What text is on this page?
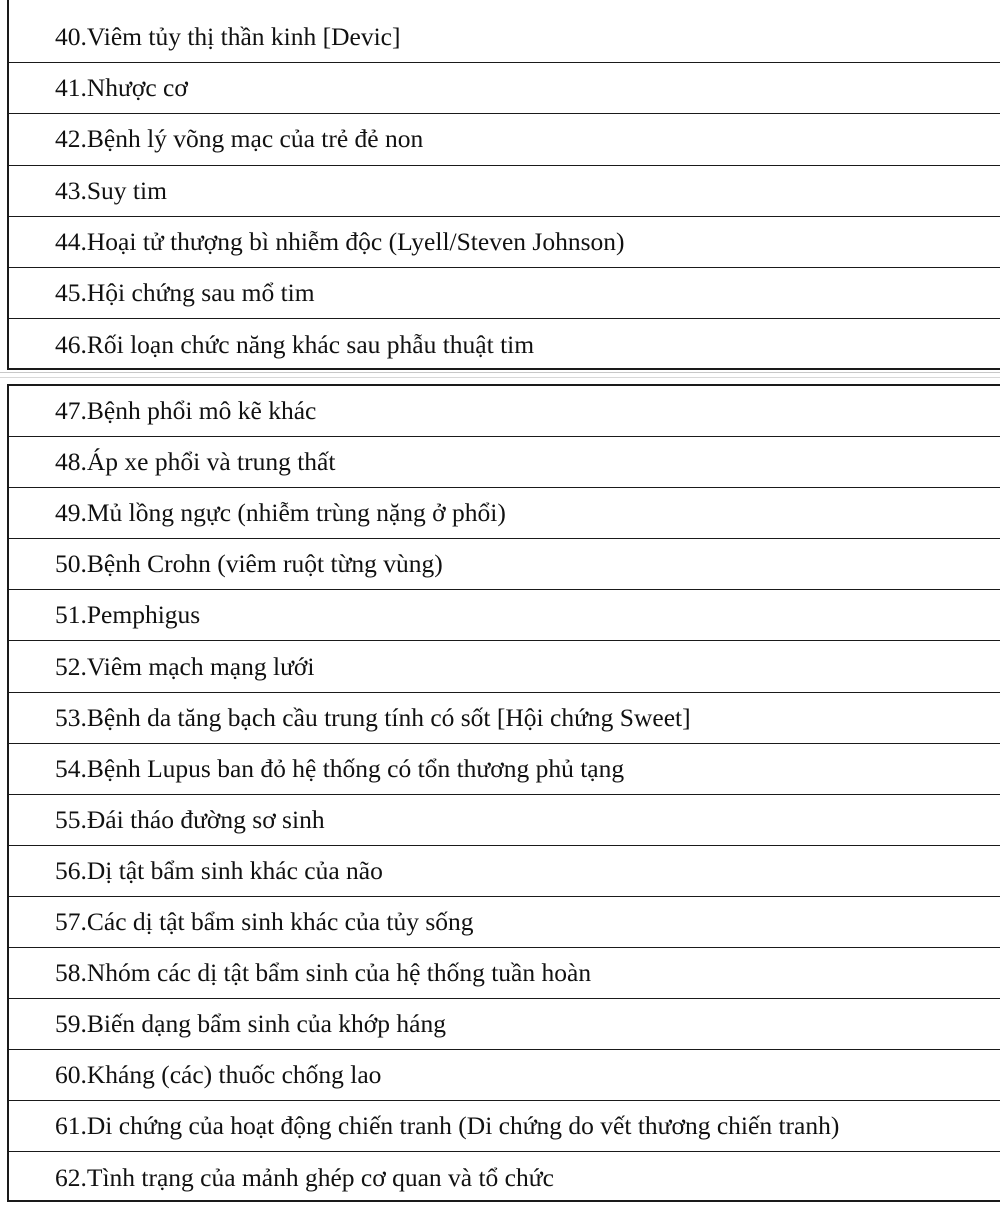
40.Viêm tủy thị thần kinh [Devic]
41.Nhược cơ
42.Bệnh lý võng mạc của trẻ đẻ non
43.Suy tim
44.Hoại tử thượng bì nhiễm độc (Lyell/Steven Johnson)
45.Hội chứng sau mổ tim
46.Rối loạn chức năng khác sau phẫu thuật tim
47.Bệnh phổi mô kẽ khác
48.Áp xe phổi và trung thất
49.Mủ lồng ngực (nhiễm trùng nặng ở phổi)
50.Bệnh Crohn (viêm ruột từng vùng)
51.Pemphigus
52.Viêm mạch mạng lưới
53.Bệnh da tăng bạch cầu trung tính có sốt [Hội chứng Sweet]
54.Bệnh Lupus ban đỏ hệ thống có tổn thương phủ tạng
55.Đái tháo đường sơ sinh
56.Dị tật bẩm sinh khác của não
57.Các dị tật bẩm sinh khác của tủy sống
58.Nhóm các dị tật bẩm sinh của hệ thống tuần hoàn
59.Biến dạng bẩm sinh của khớp háng
60.Kháng (các) thuốc chống lao
61.Di chứng của hoạt động chiến tranh (Di chứng do vết thương chiến tranh)
62.Tình trạng của mảnh ghép cơ quan và tổ chức
